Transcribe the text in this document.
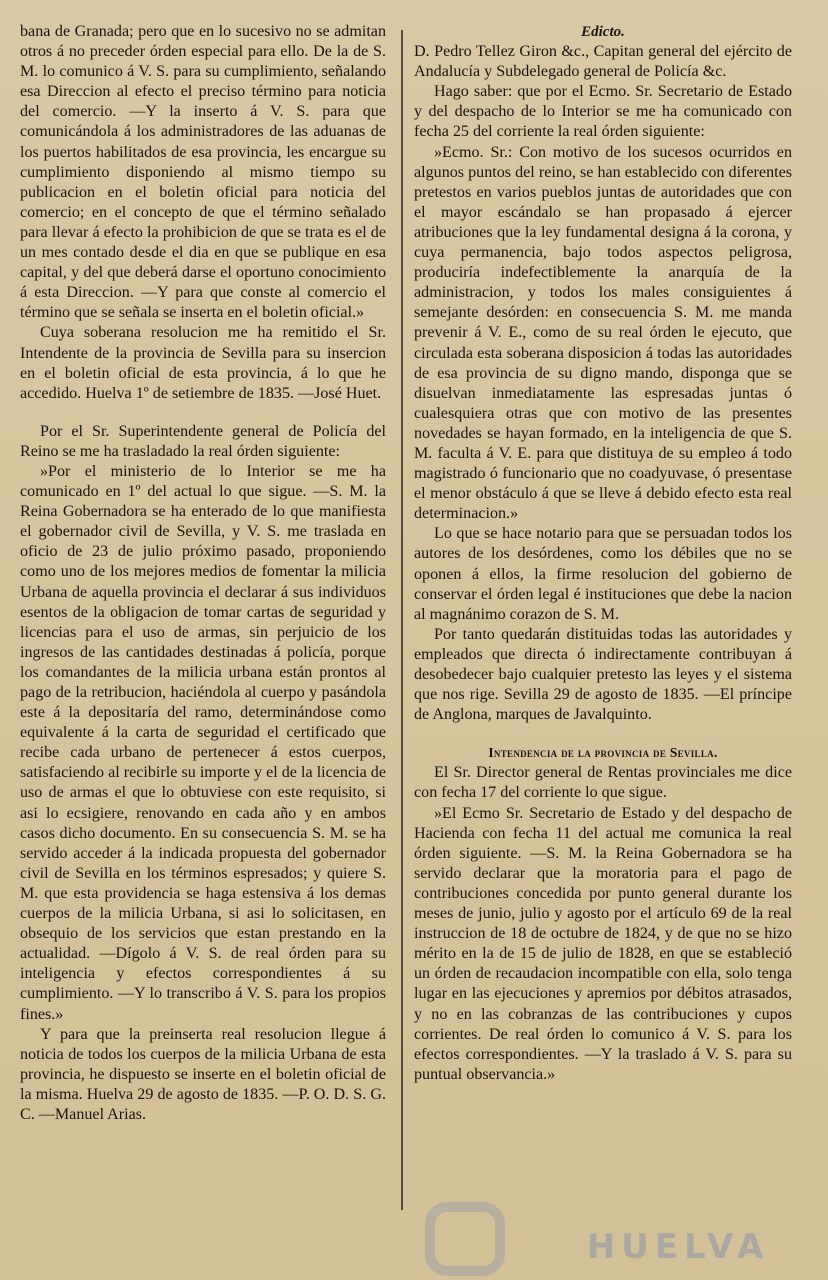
bana de Granada; pero que en lo sucesivo no se admitan otros á no preceder órden especial para ello. De la de S. M. lo comunico á V. S. para su cumplimiento, señalando esa Direccion al efecto el preciso término para noticia del comercio. —Y la inserto á V. S. para que comunicándola á los administradores de las aduanas de los puertos habilitados de esa provincia, les encargue su cumplimiento disponiendo al mismo tiempo su publicacion en el boletin oficial para noticia del comercio; en el concepto de que el término señalado para llevar á efecto la prohibicion de que se trata es el de un mes contado desde el dia en que se publique en esa capital, y del que deberá darse el oportuno conocimiento á esta Direccion. —Y para que conste al comercio el término que se señala se inserta en el boletin oficial.»

Cuya soberana resolucion me ha remitido el Sr. Intendente de la provincia de Sevilla para su insercion en el boletin oficial de esta provincia, á lo que he accedido. Huelva 1º de setiembre de 1835. —José Huet.

Por el Sr. Superintendente general de Policía del Reino se me ha trasladado la real órden siguiente:

»Por el ministerio de lo Interior se me ha comunicado en 1º del actual lo que sigue. —S. M. la Reina Gobernadora se ha enterado de lo que manifiesta el gobernador civil de Sevilla, y V. S. me traslada en oficio de 23 de julio próximo pasado, proponiendo como uno de los mejores medios de fomentar la milicia Urbana de aquella provincia el declarar á sus individuos esentos de la obligacion de tomar cartas de seguridad y licencias para el uso de armas, sin perjuicio de los ingresos de las cantidades destinadas á policía, porque los comandantes de la milicia urbana están prontos al pago de la retribucion, haciéndola al cuerpo y pasándola este á la depositaría del ramo, determinándose como equivalente á la carta de seguridad el certificado que recibe cada urbano de pertenecer á estos cuerpos, satisfaciendo al recibirle su importe y el de la licencia de uso de armas el que lo obtuviese con este requisito, si asi lo ecsigiere, renovando en cada año y en ambos casos dicho documento. En su consecuencia S. M. se ha servido acceder á la indicada propuesta del gobernador civil de Sevilla en los términos espresados; y quiere S. M. que esta providencia se haga estensiva á los demas cuerpos de la milicia Urbana, si asi lo solicitasen, en obsequio de los servicios que estan prestando en la actualidad. —Dígolo á V. S. de real órden para su inteligencia y efectos correspondientes á su cumplimiento. —Y lo transcribo á V. S. para los propios fines.»

Y para que la preinserta real resolucion llegue á noticia de todos los cuerpos de la milicia Urbana de esta provincia, he dispuesto se inserte en el boletin oficial de la misma. Huelva 29 de agosto de 1835. —P. O. D. S. G. C. —Manuel Arias.

Edicto.

D. Pedro Tellez Giron &c., Capitan general del ejército de Andalucía y Subdelegado general de Policía &c.

Hago saber: que por el Ecmo. Sr. Secretario de Estado y del despacho de lo Interior se me ha comunicado con fecha 25 del corriente la real órden siguiente:

»Ecmo. Sr.: Con motivo de los sucesos ocurridos en algunos puntos del reino, se han establecido con diferentes pretestos en varios pueblos juntas de autoridades que con el mayor escándalo se han propasado á ejercer atribuciones que la ley fundamental designa á la corona, y cuya permanencia, bajo todos aspectos peligrosa, produciría indefectiblemente la anarquía de la administracion, y todos los males consiguientes á semejante desórden: en consecuencia S. M. me manda prevenir á V. E., como de su real órden le ejecuto, que circulada esta soberana disposicion á todas las autoridades de esa provincia de su digno mando, disponga que se disuelvan inmediatamente las espresadas juntas ó cualesquiera otras que con motivo de las presentes novedades se hayan formado, en la inteligencia de que S. M. faculta á V. E. para que distituya de su empleo á todo magistrado ó funcionario que no coadyuvase, ó presentase el menor obstáculo á que se lleve á debido efecto esta real determinacion.»

Lo que se hace notario para que se persuadan todos los autores de los desórdenes, como los débiles que no se oponen á ellos, la firme resolucion del gobierno de conservar el órden legal é instituciones que debe la nacion al magnánimo corazon de S. M.

Por tanto quedarán distituidas todas las autoridades y empleados que directa ó indirectamente contribuyan á desobedecer bajo cualquier pretesto las leyes y el sistema que nos rige. Sevilla 29 de agosto de 1835. —El príncipe de Anglona, marques de Javalquinto.

Intendencia de la provincia de Sevilla.

El Sr. Director general de Rentas provinciales me dice con fecha 17 del corriente lo que sigue.

»El Ecmo Sr. Secretario de Estado y del despacho de Hacienda con fecha 11 del actual me comunica la real órden siguiente. —S. M. la Reina Gobernadora se ha servido declarar que la moratoria para el pago de contribuciones concedida por punto general durante los meses de junio, julio y agosto por el artículo 69 de la real instruccion de 18 de octubre de 1824, y de que no se hizo mérito en la de 15 de julio de 1828, en que se estableció un órden de recaudacion incompatible con ella, solo tenga lugar en las ejecuciones y apremios por débitos atrasados, y no en las cobranzas de las contribuciones y cupos corrientes. De real órden lo comunico á V. S. para los efectos correspondientes. —Y la traslado á V. S. para su puntual observancia.»

HUELVA
